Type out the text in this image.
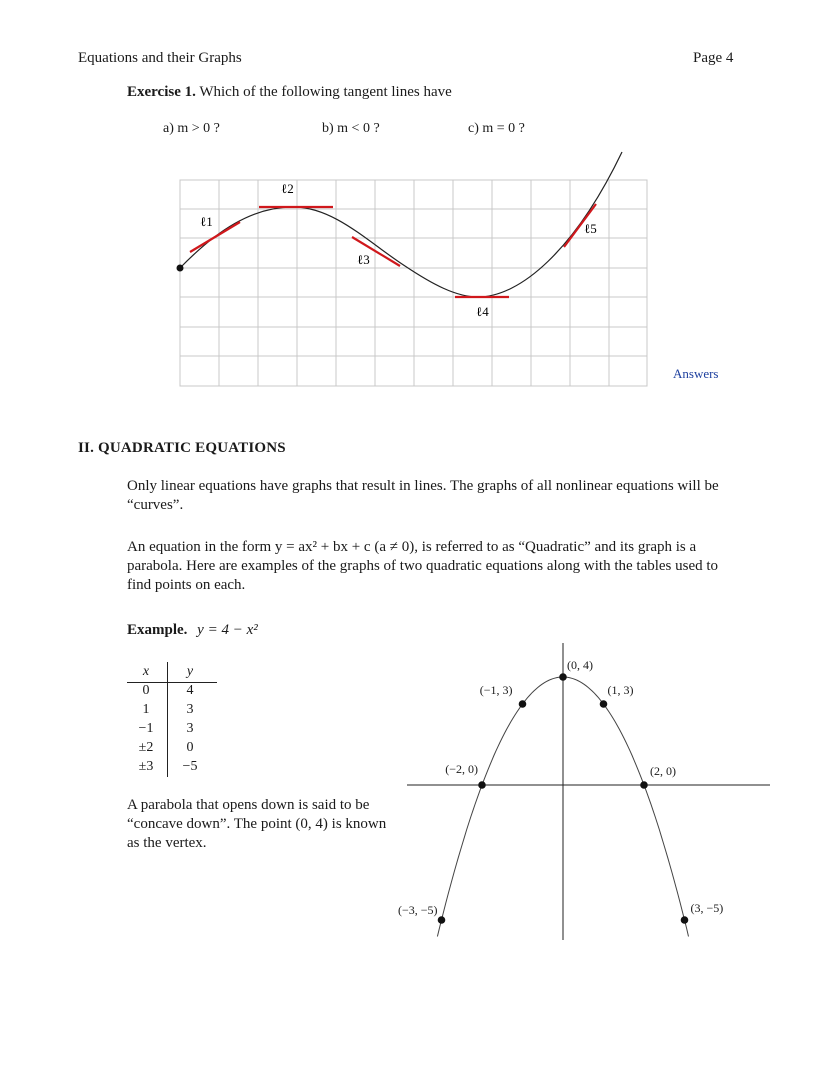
Equations and their Graphs	Page 4
Exercise 1. Which of the following tangent lines have
a) m > 0 ?	b) m < 0 ?	c) m = 0 ?
ℓ1
ℓ2
ℓ3
ℓ4
ℓ5
Answers
II. QUADRATIC EQUATIONS
Only linear equations have graphs that result in lines. The graphs of all nonlinear equations will be “curves”.
An equation in the form y = ax² + bx + c (a ≠ 0), is referred to as “Quadratic” and its graph is a parabola. Here are examples of the graphs of two quadratic equations along with the tables used to find points on each.
Example. y = 4 − x²
x	y
0	4
1	3
−1	3
±2	0
±3	−5
A parabola that opens down is said to be “concave down”. The point (0, 4) is known as the vertex.
(0, 4)
(−1, 3)	(1, 3)
(−2, 0)	(2, 0)
(−3, −5)	(3, −5)
